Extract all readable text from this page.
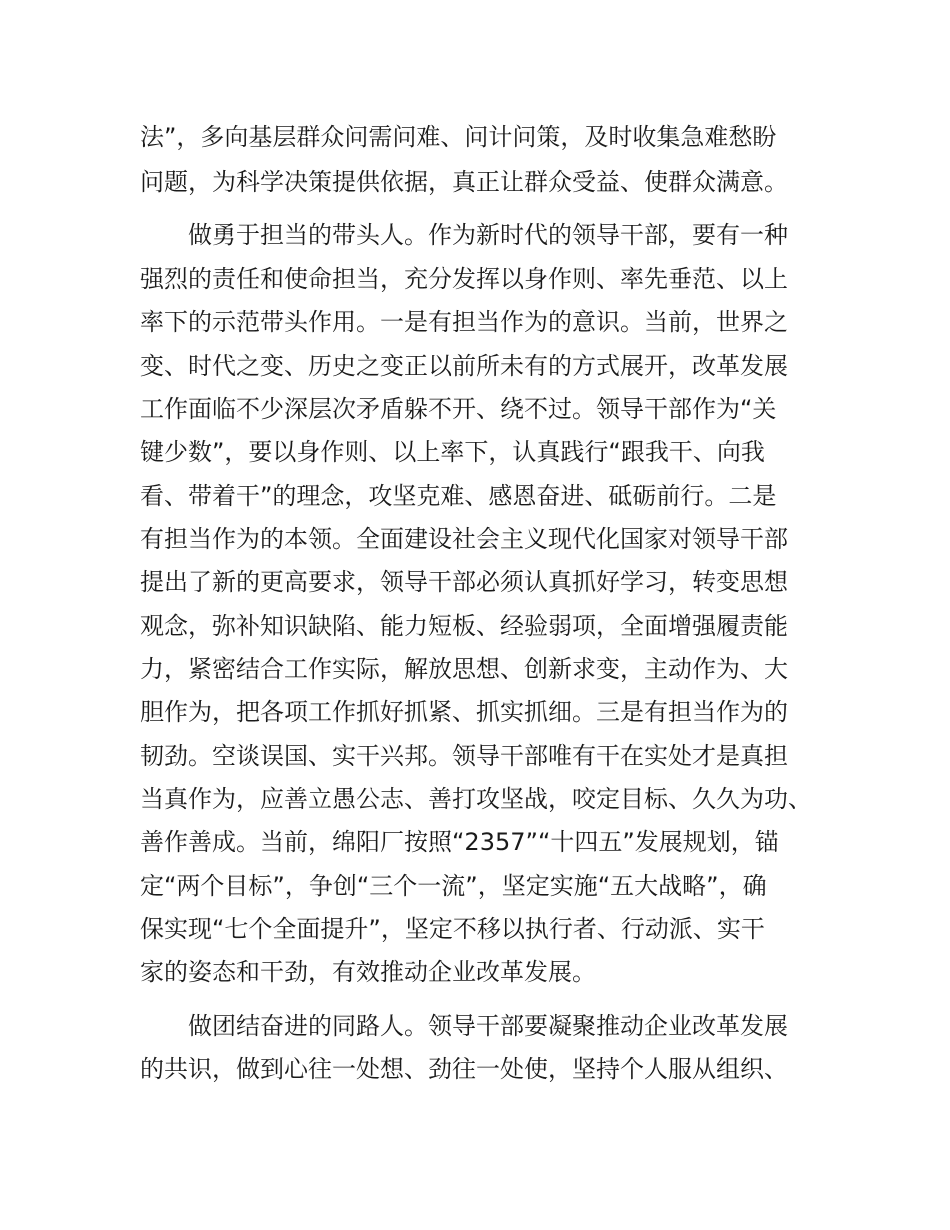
法”，多向基层群众问需问难、问计问策，及时收集急难愁盼
问题，为科学决策提供依据，真正让群众受益、使群众满意。
做勇于担当的带头人。作为新时代的领导干部，要有一种
强烈的责任和使命担当，充分发挥以身作则、率先垂范、以上
率下的示范带头作用。一是有担当作为的意识。当前，世界之
变、时代之变、历史之变正以前所未有的方式展开，改革发展
工作面临不少深层次矛盾躲不开、绕不过。领导干部作为“关
键少数”，要以身作则、以上率下，认真践行“跟我干、向我
看、带着干”的理念，攻坚克难、感恩奋进、砥砺前行。二是
有担当作为的本领。全面建设社会主义现代化国家对领导干部
提出了新的更高要求，领导干部必须认真抓好学习，转变思想
观念，弥补知识缺陷、能力短板、经验弱项，全面增强履责能
力，紧密结合工作实际，解放思想、创新求变，主动作为、大
胆作为，把各项工作抓好抓紧、抓实抓细。三是有担当作为的
韧劲。空谈误国、实干兴邦。领导干部唯有干在实处才是真担
当真作为，应善立愚公志、善打攻坚战，咬定目标、久久为功、
善作善成。当前，绵阳厂按照“2357”“十四五”发展规划，锚
定“两个目标”，争创“三个一流”，坚定实施“五大战略”，确
保实现“七个全面提升”，坚定不移以执行者、行动派、实干
家的姿态和干劲，有效推动企业改革发展。
做团结奋进的同路人。领导干部要凝聚推动企业改革发展
的共识，做到心往一处想、劲往一处使，坚持个人服从组织、
